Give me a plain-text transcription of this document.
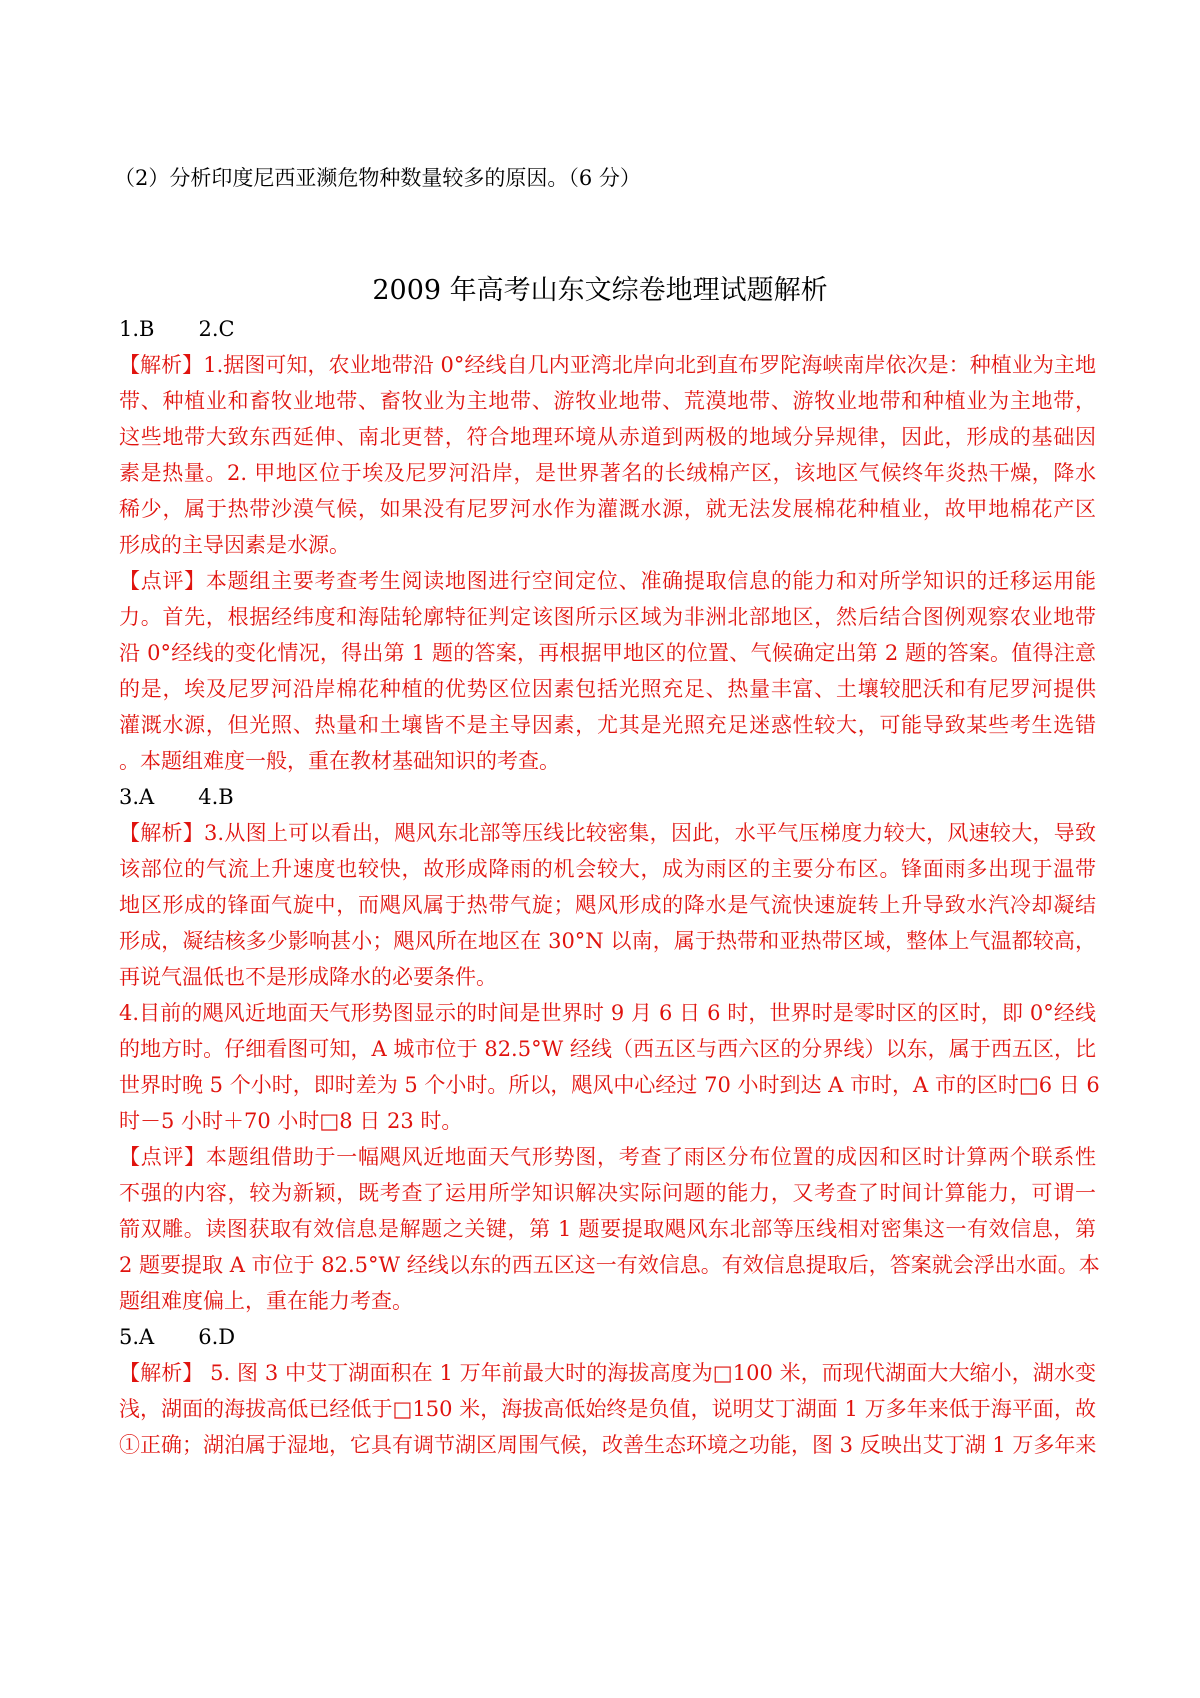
（2）分析印度尼西亚濒危物种数量较多的原因。（6 分）
2009 年高考山东文综卷地理试题解析
1.B 2.C
【解析】1.据图可知，农业地带沿 0°经线自几内亚湾北岸向北到直布罗陀海峡南岸依次是：种植业为主地
带、种植业和畜牧业地带、畜牧业为主地带、游牧业地带、荒漠地带、游牧业地带和种植业为主地带，
这些地带大致东西延伸、南北更替，符合地理环境从赤道到两极的地域分异规律，因此，形成的基础因
素是热量。2. 甲地区位于埃及尼罗河沿岸，是世界著名的长绒棉产区，该地区气候终年炎热干燥，降水
稀少，属于热带沙漠气候，如果没有尼罗河水作为灌溉水源，就无法发展棉花种植业，故甲地棉花产区
形成的主导因素是水源。
【点评】本题组主要考查考生阅读地图进行空间定位、准确提取信息的能力和对所学知识的迁移运用能
力。首先，根据经纬度和海陆轮廓特征判定该图所示区域为非洲北部地区，然后结合图例观察农业地带
沿 0°经线的变化情况，得出第 1 题的答案，再根据甲地区的位置、气候确定出第 2 题的答案。值得注意
的是，埃及尼罗河沿岸棉花种植的优势区位因素包括光照充足、热量丰富、土壤较肥沃和有尼罗河提供
灌溉水源，但光照、热量和土壤皆不是主导因素，尤其是光照充足迷惑性较大，可能导致某些考生选错
。本题组难度一般，重在教材基础知识的考查。
3.A 4.B
【解析】3.从图上可以看出，飓风东北部等压线比较密集，因此，水平气压梯度力较大，风速较大，导致
该部位的气流上升速度也较快，故形成降雨的机会较大，成为雨区的主要分布区。锋面雨多出现于温带
地区形成的锋面气旋中，而飓风属于热带气旋；飓风形成的降水是气流快速旋转上升导致水汽冷却凝结
形成，凝结核多少影响甚小；飓风所在地区在 30°N 以南，属于热带和亚热带区域，整体上气温都较高，
再说气温低也不是形成降水的必要条件。
4.目前的飓风近地面天气形势图显示的时间是世界时 9 月 6 日 6 时，世界时是零时区的区时，即 0°经线
的地方时。仔细看图可知，A 城市位于 82.5°W 经线（西五区与西六区的分界线）以东，属于西五区，比
世界时晚 5 个小时，即时差为 5 个小时。所以，飓风中心经过 70 小时到达 A 市时，A 市的区时□6 日 6
时－5 小时＋70 小时□8 日 23 时。
【点评】本题组借助于一幅飓风近地面天气形势图，考查了雨区分布位置的成因和区时计算两个联系性
不强的内容，较为新颖，既考查了运用所学知识解决实际问题的能力，又考查了时间计算能力，可谓一
箭双雕。读图获取有效信息是解题之关键，第 1 题要提取飓风东北部等压线相对密集这一有效信息，第
2 题要提取 A 市位于 82.5°W 经线以东的西五区这一有效信息。有效信息提取后，答案就会浮出水面。本
题组难度偏上，重在能力考查。
5.A 6.D
【解析】 5. 图 3 中艾丁湖面积在 1 万年前最大时的海拔高度为□100 米，而现代湖面大大缩小，湖水变
浅，湖面的海拔高低已经低于□150 米，海拔高低始终是负值，说明艾丁湖面 1 万多年来低于海平面，故
①正确；湖泊属于湿地，它具有调节湖区周围气候，改善生态环境之功能，图 3 反映出艾丁湖 1 万多年来
